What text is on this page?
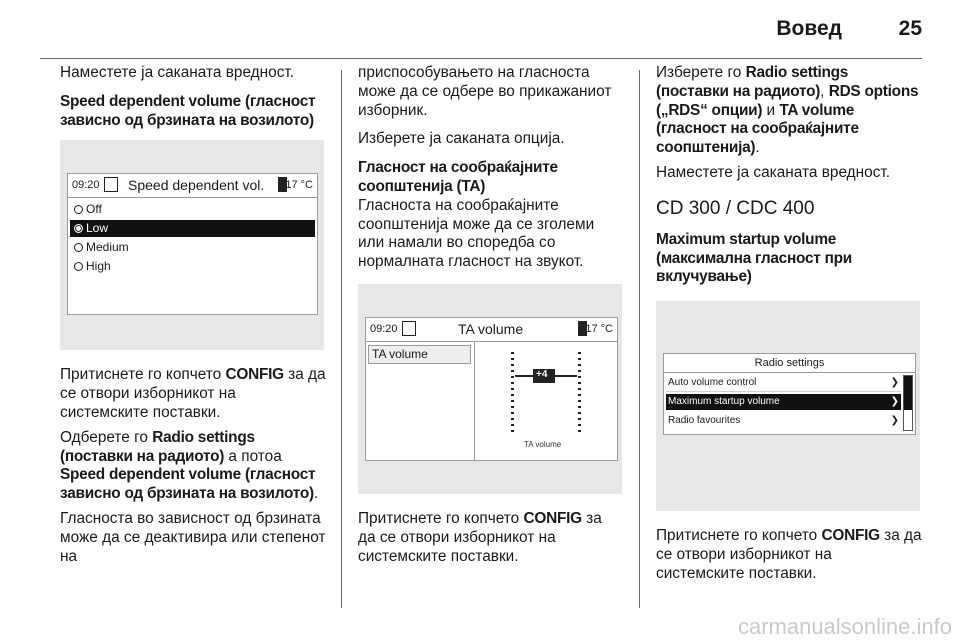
Вовед	25

Наместете ја саканата вредност.

Speed dependent volume (гласност зависно од брзината на возилото)

09:20 Speed dependent vol. 17 °C
Off
Low
Medium
High

Притиснете го копчето CONFIG за да се отвори изборникот на системските поставки.

Одберете го Radio settings (поставки на радиото) а потоа Speed dependent volume (гласност зависно од брзината на возилото).

Гласноста во зависност од брзината може да се деактивира или степенот на

приспособувањето на гласноста може да се одбере во прикажаниот изборник.

Изберете ја саканата опција.

Гласност на сообраќајните соопштенија (TA)

Гласноста на сообраќајните соопштенија може да се зголеми или намали во споредба со нормалната гласност на звукот.

09:20	TA volume	17 °C
TA volume
+4
TA volume

Притиснете го копчето CONFIG за да се отвори изборникот на системските поставки.

Изберете го Radio settings (поставки на радиото), RDS options („RDS“ опции) и TA volume (гласност на сообраќајните соопштенија).

Наместете ја саканата вредност.

CD 300 / CDC 400

Maximum startup volume (максимална гласност при вклучување)

Radio settings
Auto volume control	❯
Maximum startup volume	❯
Radio favourites	❯

Притиснете го копчето CONFIG за да се отвори изборникот на системските поставки.

carmanualsonline.info
